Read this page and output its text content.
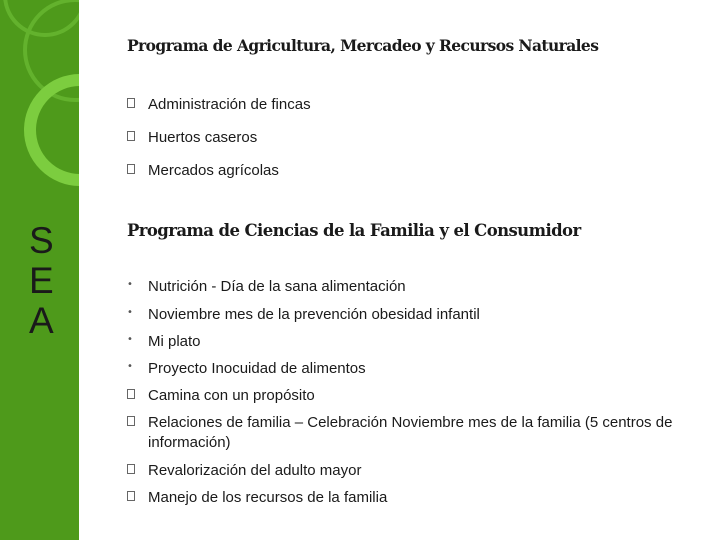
S
E
A
Programa de Agricultura, Mercadeo y Recursos Naturales
Administración de fincas
Huertos caseros
Mercados agrícolas
Programa de Ciencias de la Familia y el Consumidor
• Nutrición - Día de la sana alimentación
• Noviembre mes de la prevención obesidad infantil
• Mi plato
• Proyecto Inocuidad de alimentos
Camina con un propósito
Relaciones de familia – Celebración Noviembre mes de la familia (5 centros de información)
Revalorización del adulto mayor
Manejo de los recursos de la familia
